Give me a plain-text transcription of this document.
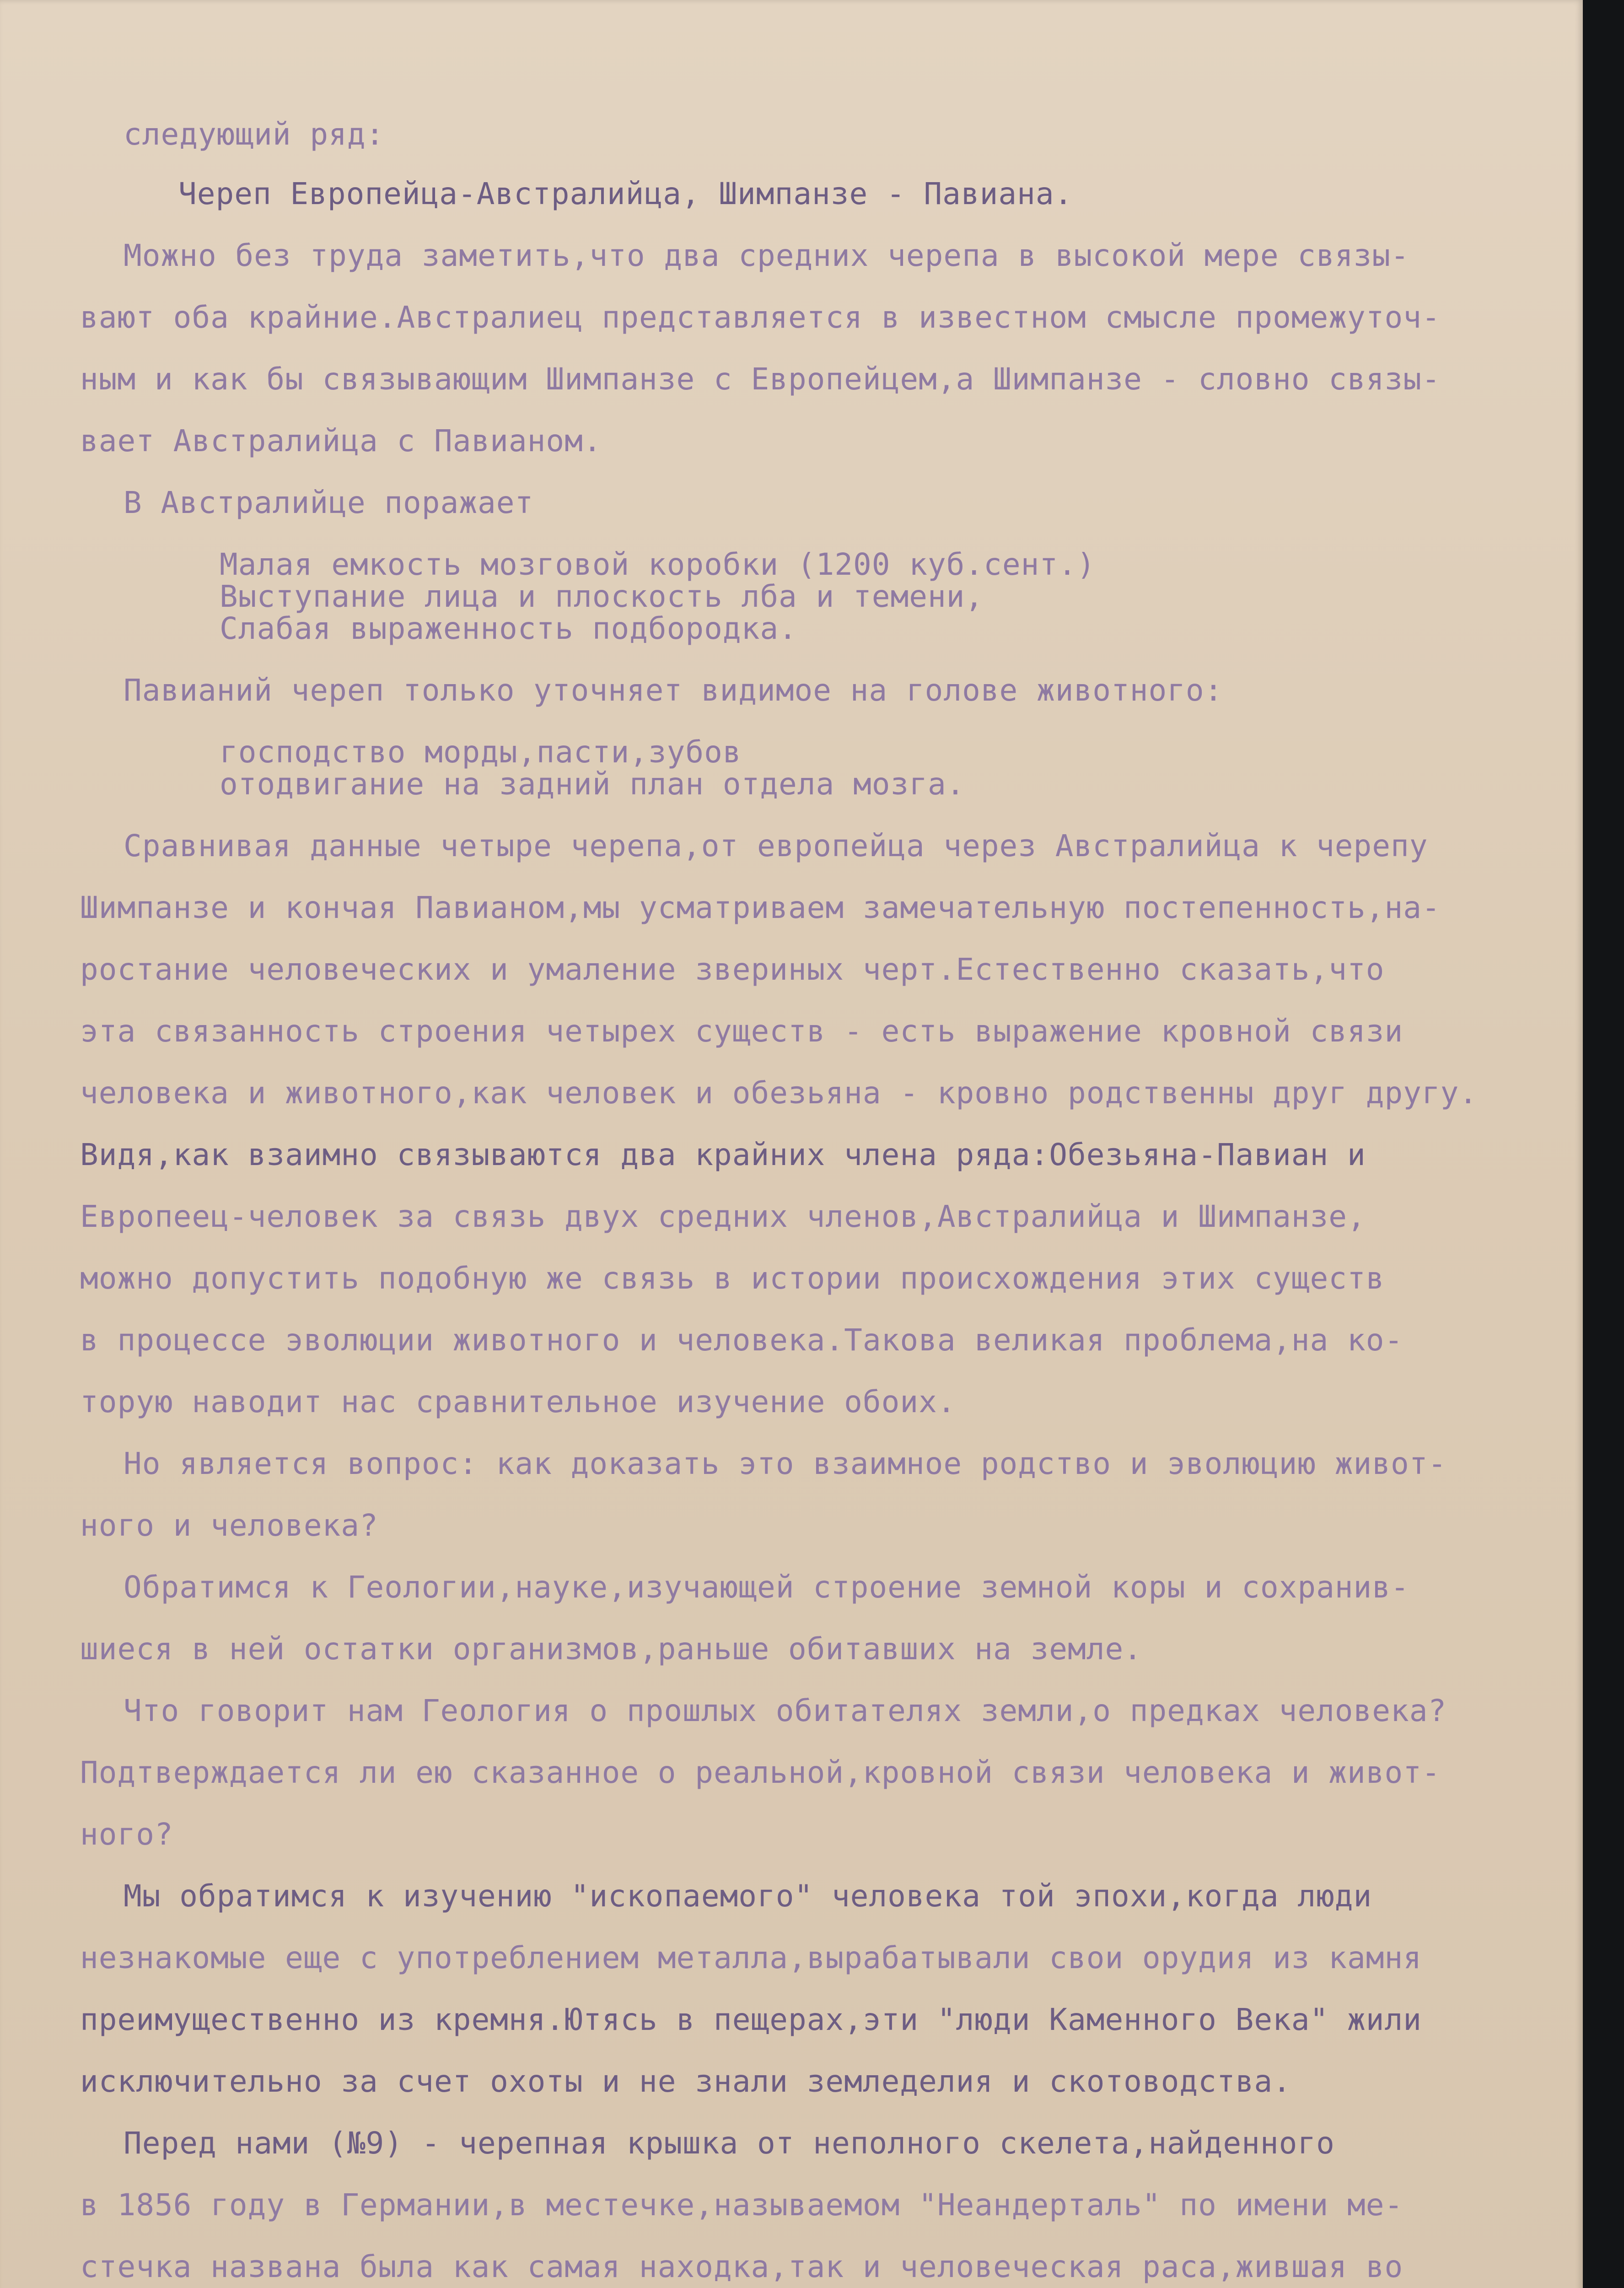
следующий ряд:
Череп Европейца-Австралийца, Шимпанзе - Павиана.
Можно без труда заметить,что два средних черепа в высокой мере связы-
вают оба крайние.Австралиец представляется в известном смысле промежуточ-
ным и как бы связывающим Шимпанзе с Европейцем,а Шимпанзе - словно связы-
вает Австралийца с Павианом.
В Австралийце поражает
Малая емкость мозговой коробки (1200 куб.сент.)
Выступание лица и плоскость лба и темени,
Слабая выраженность подбородка.
Павианий череп только уточняет видимое на голове животного:
господство морды,пасти,зубов
отодвигание на задний план отдела мозга.
Сравнивая данные четыре черепа,от европейца через Австралийца к черепу
Шимпанзе и кончая Павианом,мы усматриваем замечательную постепенность,на-
ростание человеческих и умаление звериных черт.Естественно сказать,что
эта связанность строения четырех существ - есть выражение кровной связи
человека и животного,как человек и обезьяна - кровно родственны друг другу.
Видя,как взаимно связываются два крайних члена ряда:Обезьяна-Павиан и
Европеец-человек за связь двух средних членов,Австралийца и Шимпанзе,
можно допустить подобную же связь в истории происхождения этих существ
в процессе эволюции животного и человека.Такова великая проблема,на ко-
торую наводит нас сравнительное изучение обоих.
Но является вопрос: как доказать это взаимное родство и эволюцию живот-
ного и человека?
Обратимся к Геологии,науке,изучающей строение земной коры и сохранив-
шиеся в ней остатки организмов,раньше обитавших на земле.
Что говорит нам Геология о прошлых обитателях земли,о предках человека?
Подтверждается ли ею сказанное о реальной,кровной связи человека и живот-
ного?
Мы обратимся к изучению "ископаемого" человека той эпохи,когда люди
незнакомые еще с употреблением металла,вырабатывали свои орудия из камня
преимущественно из кремня.Ютясь в пещерах,эти "люди Каменного Века" жили
исключительно за счет охоты и не знали земледелия и скотоводства.
Перед нами (№9) - черепная крышка от неполного скелета,найденного
в 1856 году в Германии,в местечке,называемом "Неандерталь" по имени ме-
стечка названа была как самая находка,так и человеческая раса,жившая во
